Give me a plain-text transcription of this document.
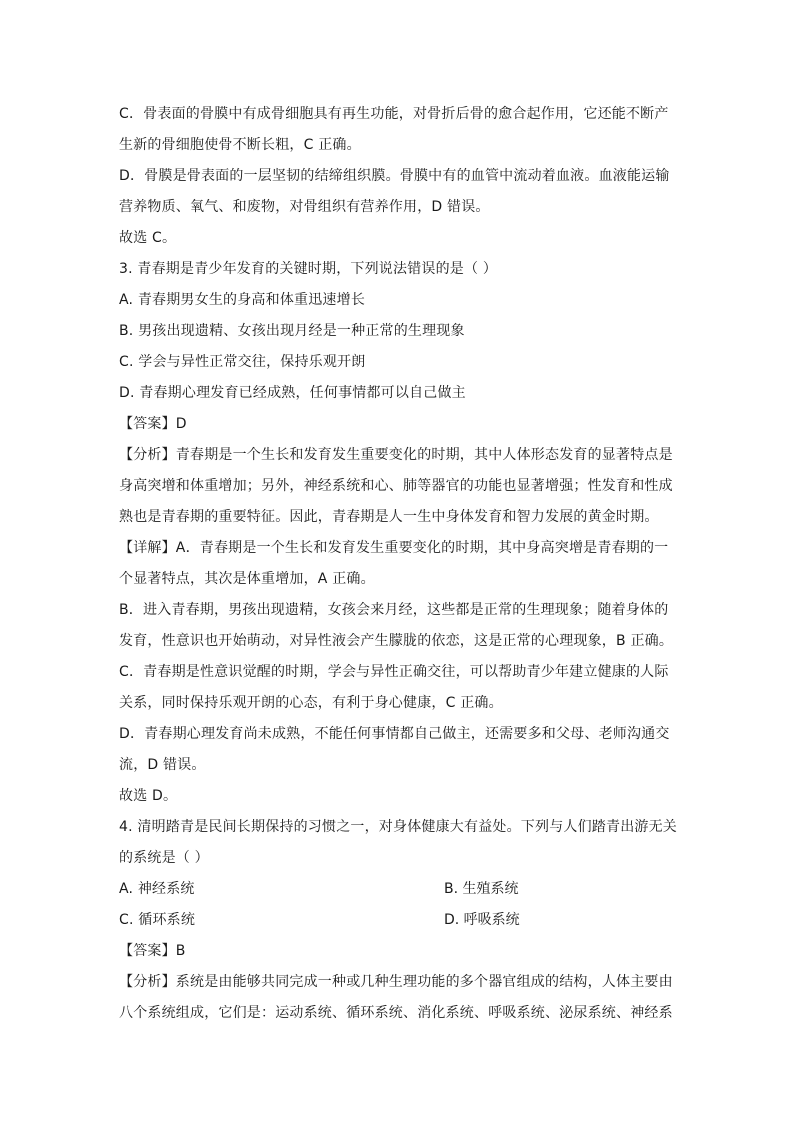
C．骨表面的骨膜中有成骨细胞具有再生功能，对骨折后骨的愈合起作用，它还能不断产
生新的骨细胞使骨不断长粗，C 正确。
D．骨膜是骨表面的一层坚韧的结缔组织膜。骨膜中有的血管中流动着血液。血液能运输
营养物质、氧气、和废物，对骨组织有营养作用，D 错误。
故选 C。
3. 青春期是青少年发育的关键时期，下列说法错误的是（ ）
A. 青春期男女生的身高和体重迅速增长
B. 男孩出现遗精、女孩出现月经是一种正常的生理现象
C. 学会与异性正常交往，保持乐观开朗
D. 青春期心理发育已经成熟，任何事情都可以自己做主
【答案】D
【分析】青春期是一个生长和发育发生重要变化的时期，其中人体形态发育的显著特点是
身高突增和体重增加；另外，神经系统和心、肺等器官的功能也显著增强；性发育和性成
熟也是青春期的重要特征。因此，青春期是人一生中身体发育和智力发展的黄金时期。
【详解】A．青春期是一个生长和发育发生重要变化的时期，其中身高突增是青春期的一
个显著特点，其次是体重增加，A 正确。
B．进入青春期，男孩出现遗精，女孩会来月经，这些都是正常的生理现象；随着身体的
发育，性意识也开始萌动，对异性液会产生朦胧的依恋，这是正常的心理现象，B 正确。
C．青春期是性意识觉醒的时期，学会与异性正确交往，可以帮助青少年建立健康的人际
关系，同时保持乐观开朗的心态，有利于身心健康，C 正确。
D．青春期心理发育尚未成熟，不能任何事情都自己做主，还需要多和父母、老师沟通交
流，D 错误。
故选 D。
4. 清明踏青是民间长期保持的习惯之一，对身体健康大有益处。下列与人们踏青出游无关
的系统是（ ）
A. 神经系统	B. 生殖系统
C. 循环系统	D. 呼吸系统
【答案】B
【分析】系统是由能够共同完成一种或几种生理功能的多个器官组成的结构，人体主要由
八个系统组成，它们是：运动系统、循环系统、消化系统、呼吸系统、泌尿系统、神经系
